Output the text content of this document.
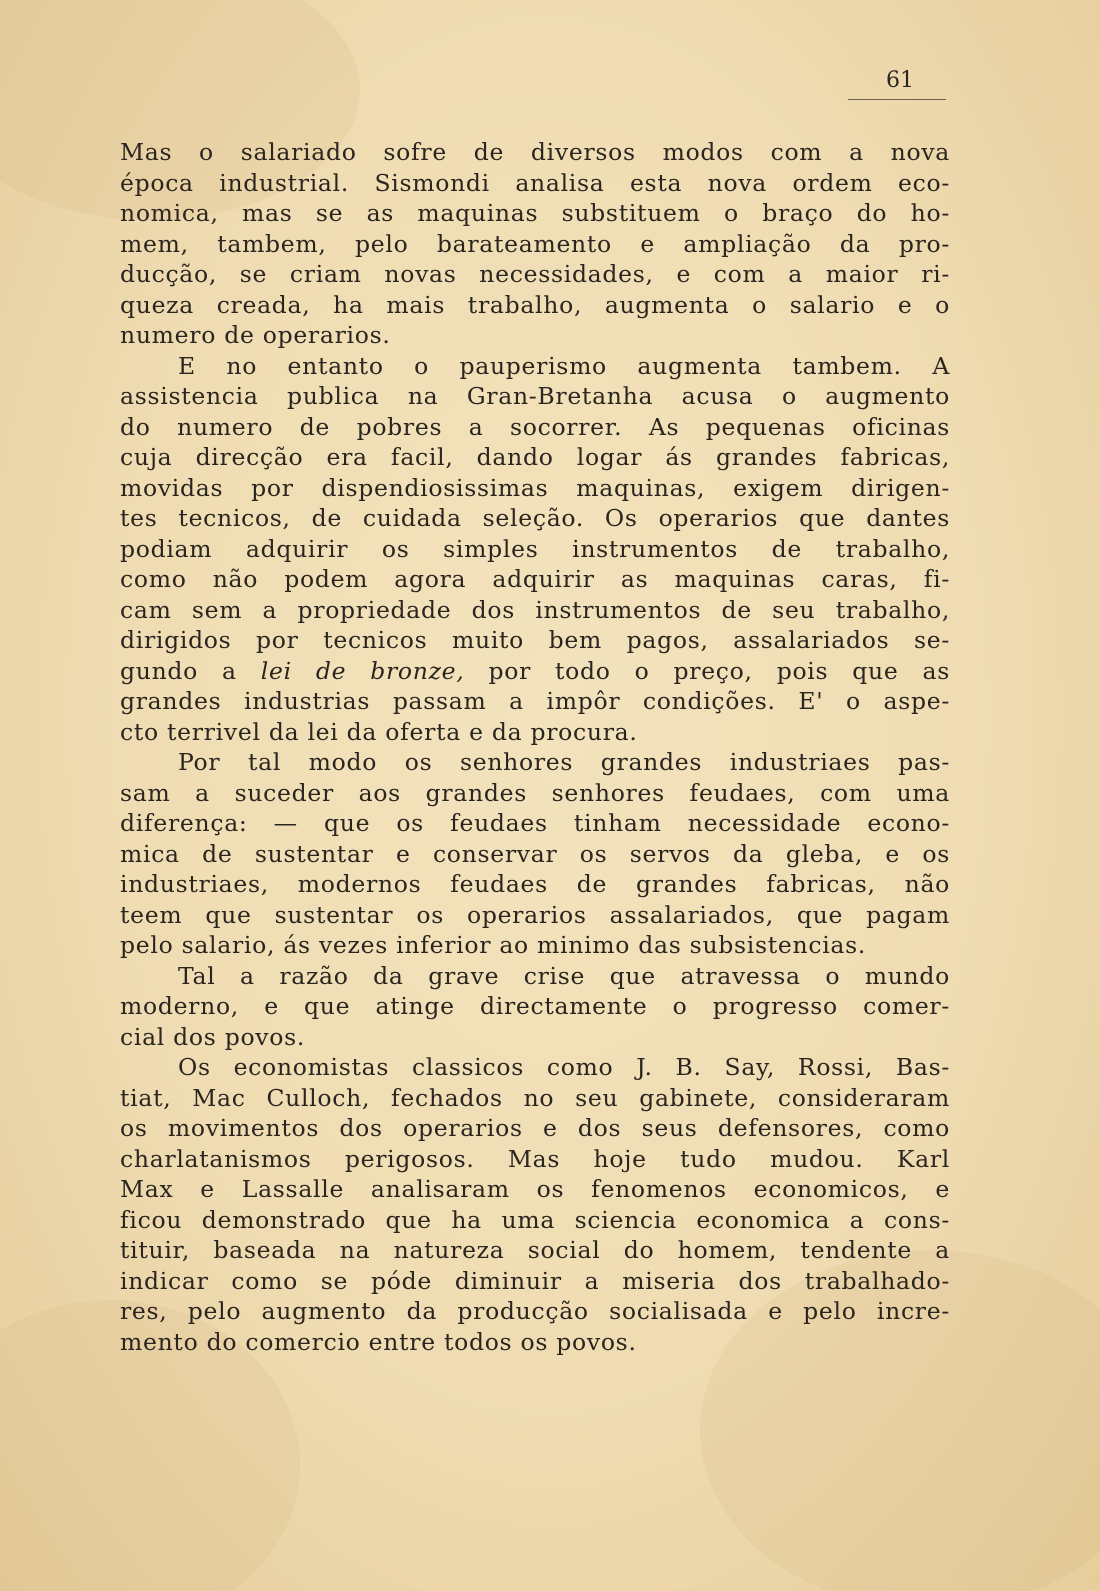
61
Mas o salariado sofre de diversos modos com a nova
época industrial. Sismondi analisa esta nova ordem eco-
nomica, mas se as maquinas substituem o braço do ho-
mem, tambem, pelo barateamento e ampliação da pro-
ducção, se criam novas necessidades, e com a maior ri-
queza creada, ha mais trabalho, augmenta o salario e o
numero de operarios.
E no entanto o pauperismo augmenta tambem. A
assistencia publica na Gran-Bretanha acusa o augmento
do numero de pobres a socorrer. As pequenas oficinas
cuja direcção era facil, dando logar ás grandes fabricas,
movidas por dispendiosissimas maquinas, exigem dirigen-
tes tecnicos, de cuidada seleção. Os operarios que dantes
podiam adquirir os simples instrumentos de trabalho,
como não podem agora adquirir as maquinas caras, fi-
cam sem a propriedade dos instrumentos de seu trabalho,
dirigidos por tecnicos muito bem pagos, assalariados se-
gundo a lei de bronze, por todo o preço, pois que as
grandes industrias passam a impôr condições. E' o aspe-
cto terrivel da lei da oferta e da procura.
Por tal modo os senhores grandes industriaes pas-
sam a suceder aos grandes senhores feudaes, com uma
diferença: — que os feudaes tinham necessidade econo-
mica de sustentar e conservar os servos da gleba, e os
industriaes, modernos feudaes de grandes fabricas, não
teem que sustentar os operarios assalariados, que pagam
pelo salario, ás vezes inferior ao minimo das subsistencias.
Tal a razão da grave crise que atravessa o mundo
moderno, e que atinge directamente o progresso comer-
cial dos povos.
Os economistas classicos como J. B. Say, Rossi, Bas-
tiat, Mac Culloch, fechados no seu gabinete, consideraram
os movimentos dos operarios e dos seus defensores, como
charlatanismos perigosos. Mas hoje tudo mudou. Karl
Max e Lassalle analisaram os fenomenos economicos, e
ficou demonstrado que ha uma sciencia economica a cons-
tituir, baseada na natureza social do homem, tendente a
indicar como se póde diminuir a miseria dos trabalhado-
res, pelo augmento da producção socialisada e pelo incre-
mento do comercio entre todos os povos.
